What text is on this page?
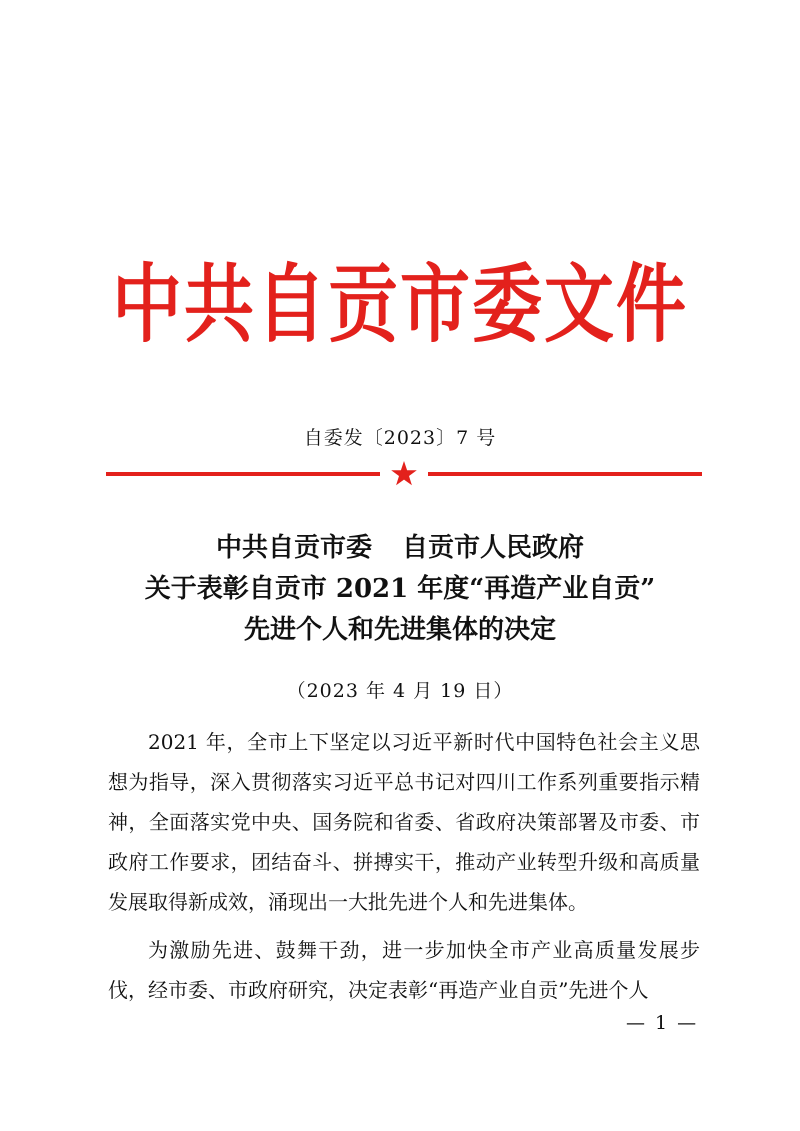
中共自贡市委文件
自委发〔2023〕7 号
中共自贡市委 自贡市人民政府
关于表彰自贡市 2021 年度“再造产业自贡”
先进个人和先进集体的决定
（2023 年 4 月 19 日）

2021 年，全市上下坚定以习近平新时代中国特色社会主义思想为指导，深入贯彻落实习近平总书记对四川工作系列重要指示精神，全面落实党中央、国务院和省委、省政府决策部署及市委、市政府工作要求，团结奋斗、拼搏实干，推动产业转型升级和高质量发展取得新成效，涌现出一大批先进个人和先进集体。

为激励先进、鼓舞干劲，进一步加快全市产业高质量发展步伐，经市委、市政府研究，决定表彰“再造产业自贡”先进个人

— 1 —
